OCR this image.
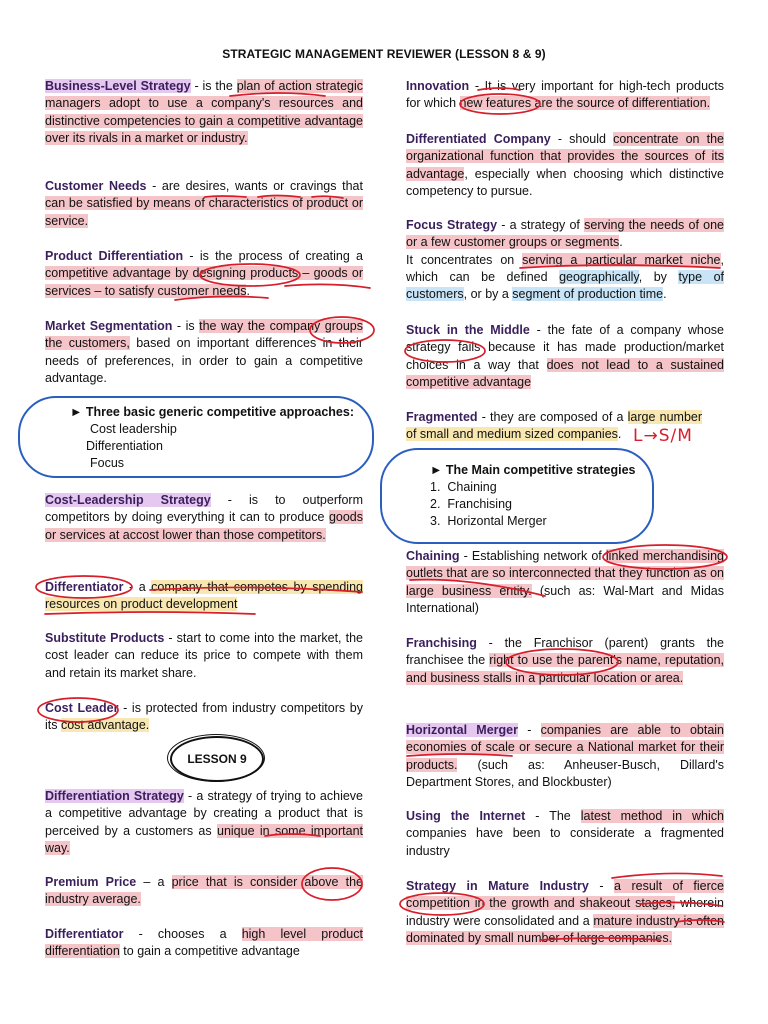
STRATEGIC MANAGEMENT REVIEWER (LESSON 8 & 9)

Business-Level Strategy - is the plan of action strategic managers adopt to use a company's resources and distinctive competencies to gain a competitive advantage over its rivals in a market or industry.

Customer Needs - are desires, wants or cravings that can be satisfied by means of characteristics of product or service.

Product Differentiation - is the process of creating a competitive advantage by designing products – goods or services – to satisfy customer needs.

Market Segmentation - is the way the company groups the customers, based on important differences in their needs of preferences, in order to gain a competitive advantage.

Cost-Leadership Strategy - is to outperform competitors by doing everything it can to produce goods or services at accost lower than those competitors.

Differentiator - a company that competes by spending resources on product development

Substitute Products - start to come into the market, the cost leader can reduce its price to compete with them and retain its market share.

Cost Leader - is protected from industry competitors by its cost advantage.

Differentiation Strategy - a strategy of trying to achieve a competitive advantage by creating a product that is perceived by a customers as unique in some important way.

Premium Price – a price that is consider above the industry average.

Differentiator - chooses a high level product differentiation to gain a competitive advantage

► Three basic generic competitive approaches:
Cost leadership
Differentiation
Focus
LESSON 9

Innovation - It is very important for high-tech products for which new features are the source of differentiation.

Differentiated Company - should concentrate on the organizational function that provides the sources of its advantage, especially when choosing which distinctive competency to pursue.

Focus Strategy - a strategy of serving the needs of one or a few customer groups or segments.
It concentrates on serving a particular market niche, which can be defined geographically, by type of customers, or by a segment of production time.

Stuck in the Middle - the fate of a company whose strategy fails because it has made production/market choices in a way that does not lead to a sustained competitive advantage

Fragmented - they are composed of a large number of small and medium sized companies.

Chaining - Establishing network of linked merchandising outlets that are so interconnected that they function as on large business entity. (such as: Wal-Mart and Midas International)

Franchising - the Franchisor (parent) grants the franchisee the right to use the parent's name, reputation, and business stalls in a particular location or area.

Horizontal Merger - companies are able to obtain economies of scale or secure a National market for their products. (such as: Anheuser-Busch, Dillard's Department Stores, and Blockbuster)

Using the Internet - The latest method in which companies have been to considerate a fragmented industry

Strategy in Mature Industry - a result of fierce competition in the growth and shakeout stages, wherein industry were consolidated and a mature industry is often dominated by small number of large companies.

► The Main competitive strategies
1.  Chaining
2.  Franchising
3.  Horizontal Merger
L→S/M
